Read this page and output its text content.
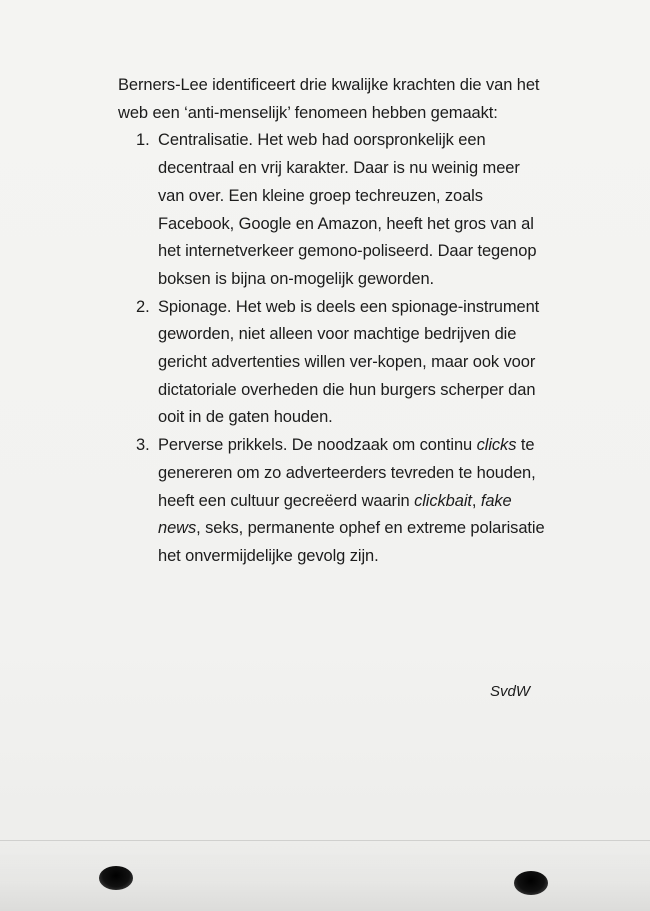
Berners-Lee identificeert drie kwalijke krachten die van het web een ‘anti-menselijk’ fenomeen hebben gemaakt:

1. Centralisatie. Het web had oorspronkelijk een decentraal en vrij karakter. Daar is nu weinig meer van over. Een kleine groep techreuzen, zoals Facebook, Google en Amazon, heeft het gros van al het internetverkeer gemono-poliseerd. Daar tegenop boksen is bijna on-mogelijk geworden.
2. Spionage. Het web is deels een spionage-instrument geworden, niet alleen voor machtige bedrijven die gericht advertenties willen ver-kopen, maar ook voor dictatoriale overheden die hun burgers scherper dan ooit in de gaten houden.
3. Perverse prikkels. De noodzaak om continu clicks te genereren om zo adverteerders tevreden te houden, heeft een cultuur gecreëerd waarin clickbait, fake news, seks, permanente ophef en extreme polarisatie het onvermijdelijke gevolg zijn.
SvdW
